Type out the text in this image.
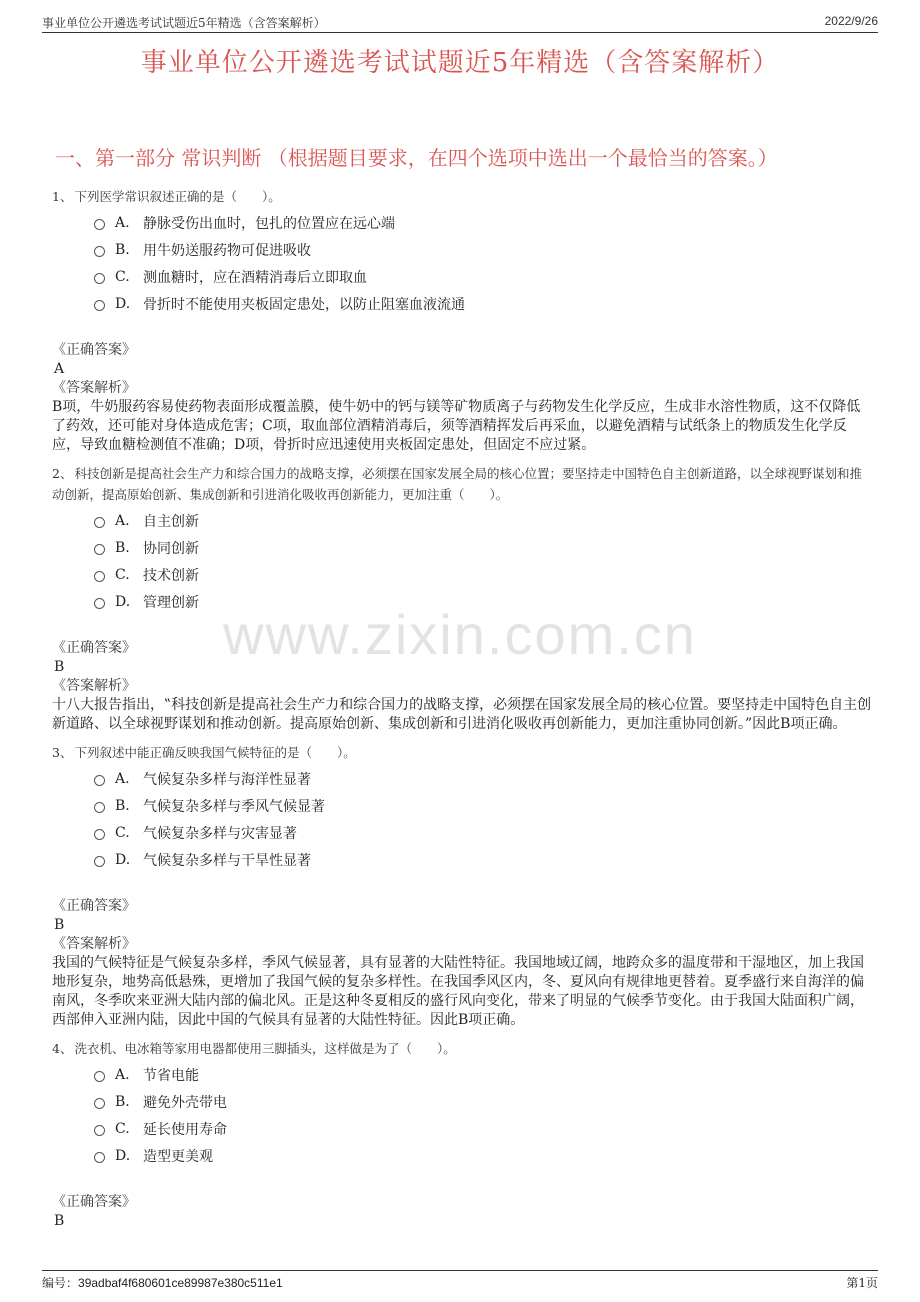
事业单位公开遴选考试试题近5年精选（含答案解析）	2022/9/26
事业单位公开遴选考试试题近5年精选（含答案解析）
一、第一部分 常识判断 （根据题目要求，在四个选项中选出一个最恰当的答案。）
www.zixin.com.cn
1、 下列医学常识叙述正确的是（　　）。
A. 静脉受伤出血时，包扎的位置应在远心端
B. 用牛奶送服药物可促进吸收
C. 测血糖时，应在酒精消毒后立即取血
D. 骨折时不能使用夹板固定患处，以防止阻塞血液流通
《正确答案》
A
《答案解析》
B项，牛奶服药容易使药物表面形成覆盖膜，使牛奶中的钙与镁等矿物质离子与药物发生化学反应，生成非水溶性物质，这不仅降低了药效，还可能对身体造成危害；C项，取血部位酒精消毒后，须等酒精挥发后再采血，以避免酒精与试纸条上的物质发生化学反应，导致血糖检测值不准确；D项，骨折时应迅速使用夹板固定患处，但固定不应过紧。
2、 科技创新是提高社会生产力和综合国力的战略支撑，必须摆在国家发展全局的核心位置；要坚持走中国特色自主创新道路，以全球视野谋划和推动创新，提高原始创新、集成创新和引进消化吸收再创新能力，更加注重（　　）。
A. 自主创新
B. 协同创新
C. 技术创新
D. 管理创新
《正确答案》
B
《答案解析》
十八大报告指出，‟科技创新是提高社会生产力和综合国力的战略支撑，必须摆在国家发展全局的核心位置。要坚持走中国特色自主创新道路、以全球视野谋划和推动创新。提高原始创新、集成创新和引进消化吸收再创新能力，更加注重协同创新。”因此B项正确。
3、 下列叙述中能正确反映我国气候特征的是（　　）。
A. 气候复杂多样与海洋性显著
B. 气候复杂多样与季风气候显著
C. 气候复杂多样与灾害显著
D. 气候复杂多样与干旱性显著
《正确答案》
B
《答案解析》
我国的气候特征是气候复杂多样，季风气候显著，具有显著的大陆性特征。我国地域辽阔，地跨众多的温度带和干湿地区，加上我国地形复杂，地势高低悬殊，更增加了我国气候的复杂多样性。在我国季风区内，冬、夏风向有规律地更替着。夏季盛行来自海洋的偏南风，冬季吹来亚洲大陆内部的偏北风。正是这种冬夏相反的盛行风向变化，带来了明显的气候季节变化。由于我国大陆面积广阔，西部伸入亚洲内陆，因此中国的气候具有显著的大陆性特征。因此B项正确。
4、 洗衣机、电冰箱等家用电器都使用三脚插头，这样做是为了（　　）。
A. 节省电能
B. 避免外壳带电
C. 延长使用寿命
D. 造型更美观
《正确答案》
B
编号：39adbaf4f680601ce89987e380c511e1	第1页
